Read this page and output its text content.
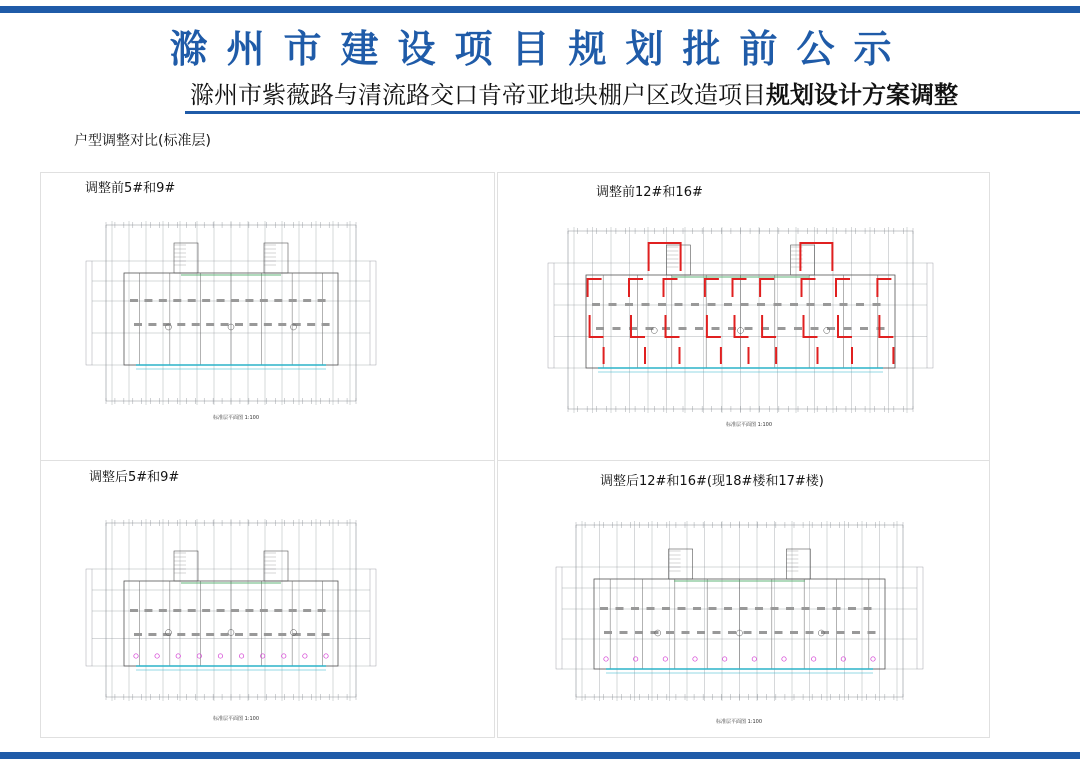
滁州市建设项目规划批前公示
滁州市紫薇路与清流路交口肯帝亚地块棚户区改造项目规划设计方案调整
户型调整对比(标准层)
调整前5#和9#
标准层平面图 1:100
调整前12#和16#
标准层平面图 1:100
调整后5#和9#
标准层平面图 1:100
调整后12#和16#(现18#楼和17#楼)
标准层平面图 1:100
